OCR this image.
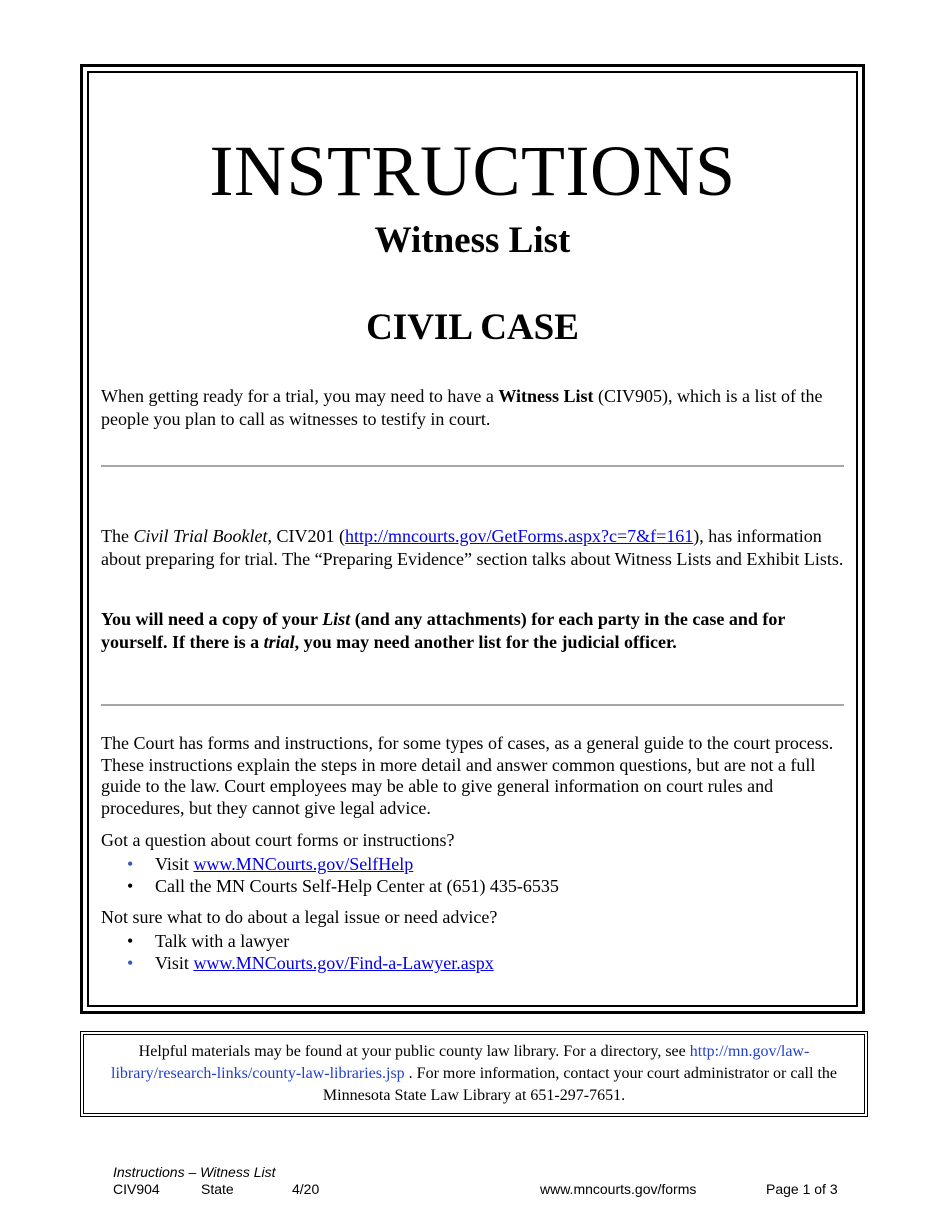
INSTRUCTIONS
Witness List
CIVIL CASE
When getting ready for a trial, you may need to have a Witness List (CIV905), which is a list of the people you plan to call as witnesses to testify in court.
The Civil Trial Booklet, CIV201 (http://mncourts.gov/GetForms.aspx?c=7&f=161), has information about preparing for trial. The “Preparing Evidence” section talks about Witness Lists and Exhibit Lists.
You will need a copy of your List (and any attachments) for each party in the case and for yourself. If there is a trial, you may need another list for the judicial officer.
The Court has forms and instructions, for some types of cases, as a general guide to the court process. These instructions explain the steps in more detail and answer common questions, but are not a full guide to the law. Court employees may be able to give general information on court rules and procedures, but they cannot give legal advice.
Got a question about court forms or instructions?
• Visit www.MNCourts.gov/SelfHelp
• Call the MN Courts Self-Help Center at (651) 435-6535
Not sure what to do about a legal issue or need advice?
• Talk with a lawyer
• Visit www.MNCourts.gov/Find-a-Lawyer.aspx
Helpful materials may be found at your public county law library. For a directory, see http://mn.gov/law-library/research-links/county-law-libraries.jsp . For more information, contact your court administrator or call the Minnesota State Law Library at 651-297-7651.
Instructions – Witness List
CIV904	State	4/20	www.mncourts.gov/forms	Page 1 of 3
